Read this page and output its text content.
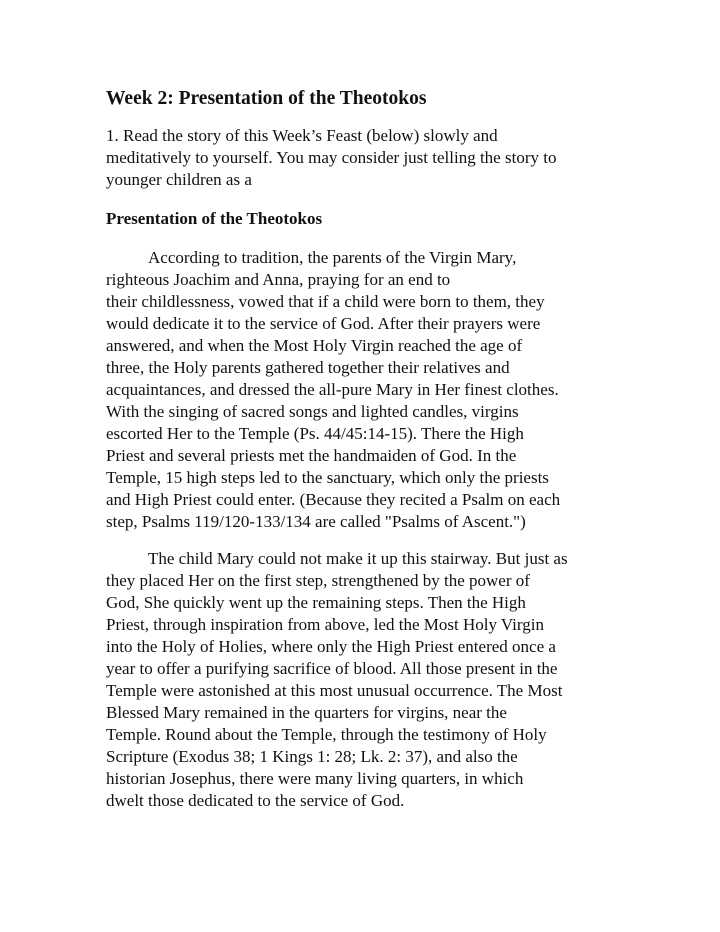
Week 2: Presentation of the Theotokos
1. Read the story of this Week’s Feast (below) slowly and
meditatively to yourself. You may consider just telling the story to
younger children as a
Presentation of the Theotokos
According to tradition, the parents of the Virgin Mary,
righteous Joachim and Anna, praying for an end to
their childlessness, vowed that if a child were born to them, they
would dedicate it to the service of God. After their prayers were
answered, and when the Most Holy Virgin reached the age of
three, the Holy parents gathered together their relatives and
acquaintances, and dressed the all-pure Mary in Her finest clothes.
With the singing of sacred songs and lighted candles, virgins
escorted Her to the Temple (Ps. 44/45:14-15). There the High
Priest and several priests met the handmaiden of God. In the
Temple, 15 high steps led to the sanctuary, which only the priests
and High Priest could enter. (Because they recited a Psalm on each
step, Psalms 119/120-133/134 are called "Psalms of Ascent.")
The child Mary could not make it up this stairway. But just as
they placed Her on the first step, strengthened by the power of
God, She quickly went up the remaining steps. Then the High
Priest, through inspiration from above, led the Most Holy Virgin
into the Holy of Holies, where only the High Priest entered once a
year to offer a purifying sacrifice of blood. All those present in the
Temple were astonished at this most unusual occurrence. The Most
Blessed Mary remained in the quarters for virgins, near the
Temple. Round about the Temple, through the testimony of Holy
Scripture (Exodus 38; 1 Kings 1: 28; Lk. 2: 37), and also the
historian Josephus, there were many living quarters, in which
dwelt those dedicated to the service of God.
